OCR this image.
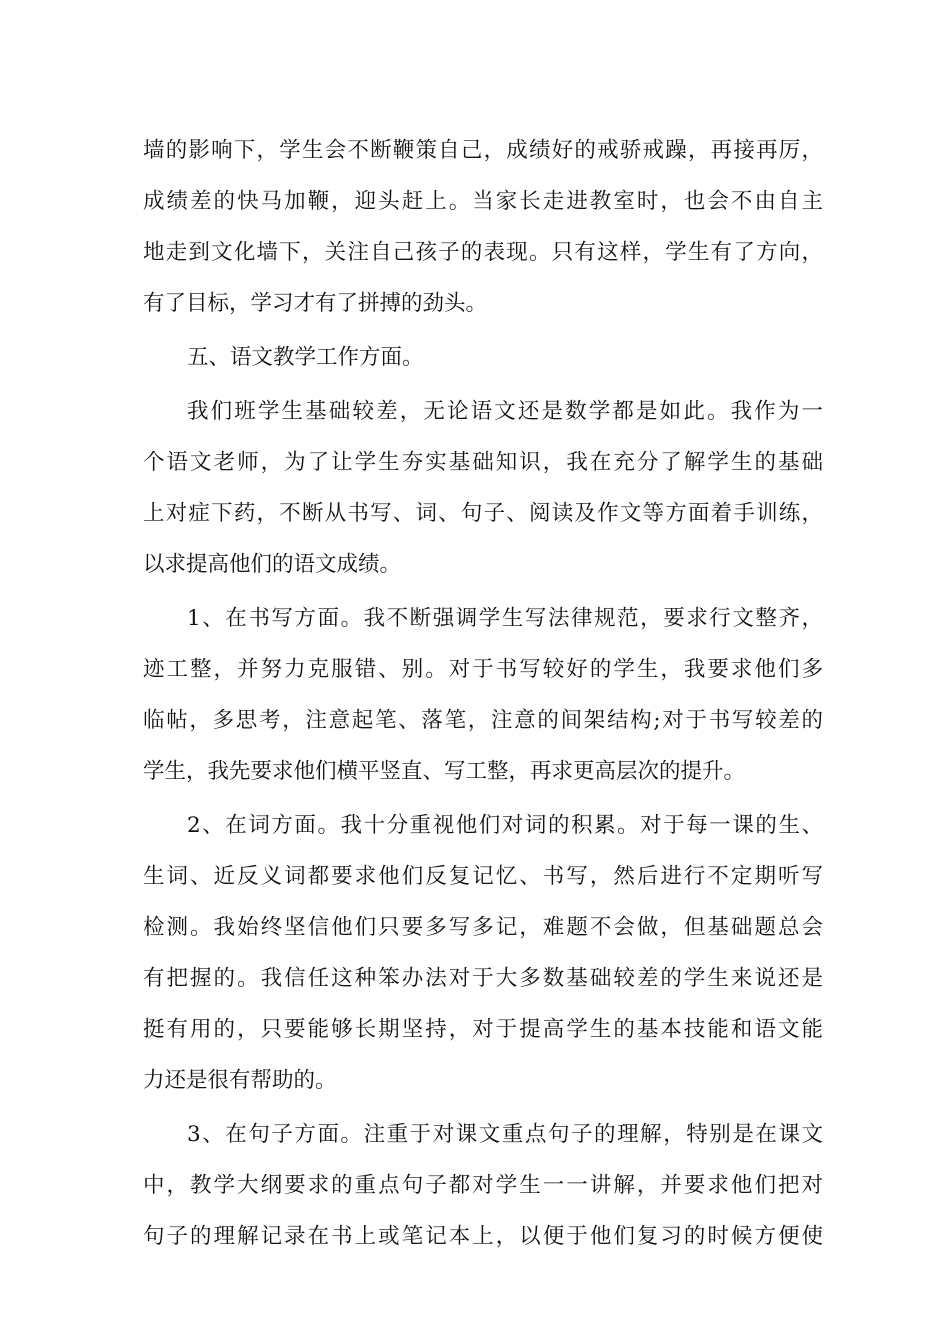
墙的影响下，学生会不断鞭策自己，成绩好的戒骄戒躁，再接再厉，
成绩差的快马加鞭，迎头赶上。当家长走进教室时，也会不由自主
地走到文化墙下，关注自己孩子的表现。只有这样，学生有了方向，
有了目标，学习才有了拼搏的劲头。
五、语文教学工作方面。
我们班学生基础较差，无论语文还是数学都是如此。我作为一
个语文老师，为了让学生夯实基础知识，我在充分了解学生的基础
上对症下药，不断从书写、词、句子、阅读及作文等方面着手训练，
以求提高他们的语文成绩。
1、在书写方面。我不断强调学生写法律规范，要求行文整齐，
迹工整，并努力克服错、别。对于书写较好的学生，我要求他们多
临帖，多思考，注意起笔、落笔，注意的间架结构;对于书写较差的
学生，我先要求他们横平竖直、写工整，再求更高层次的提升。
2、在词方面。我十分重视他们对词的积累。对于每一课的生、
生词、近反义词都要求他们反复记忆、书写，然后进行不定期听写
检测。我始终坚信他们只要多写多记，难题不会做，但基础题总会
有把握的。我信任这种笨办法对于大多数基础较差的学生来说还是
挺有用的，只要能够长期坚持，对于提高学生的基本技能和语文能
力还是很有帮助的。
3、在句子方面。注重于对课文重点句子的理解，特别是在课文
中，教学大纲要求的重点句子都对学生一一讲解，并要求他们把对
句子的理解记录在书上或笔记本上，以便于他们复习的时候方便使
